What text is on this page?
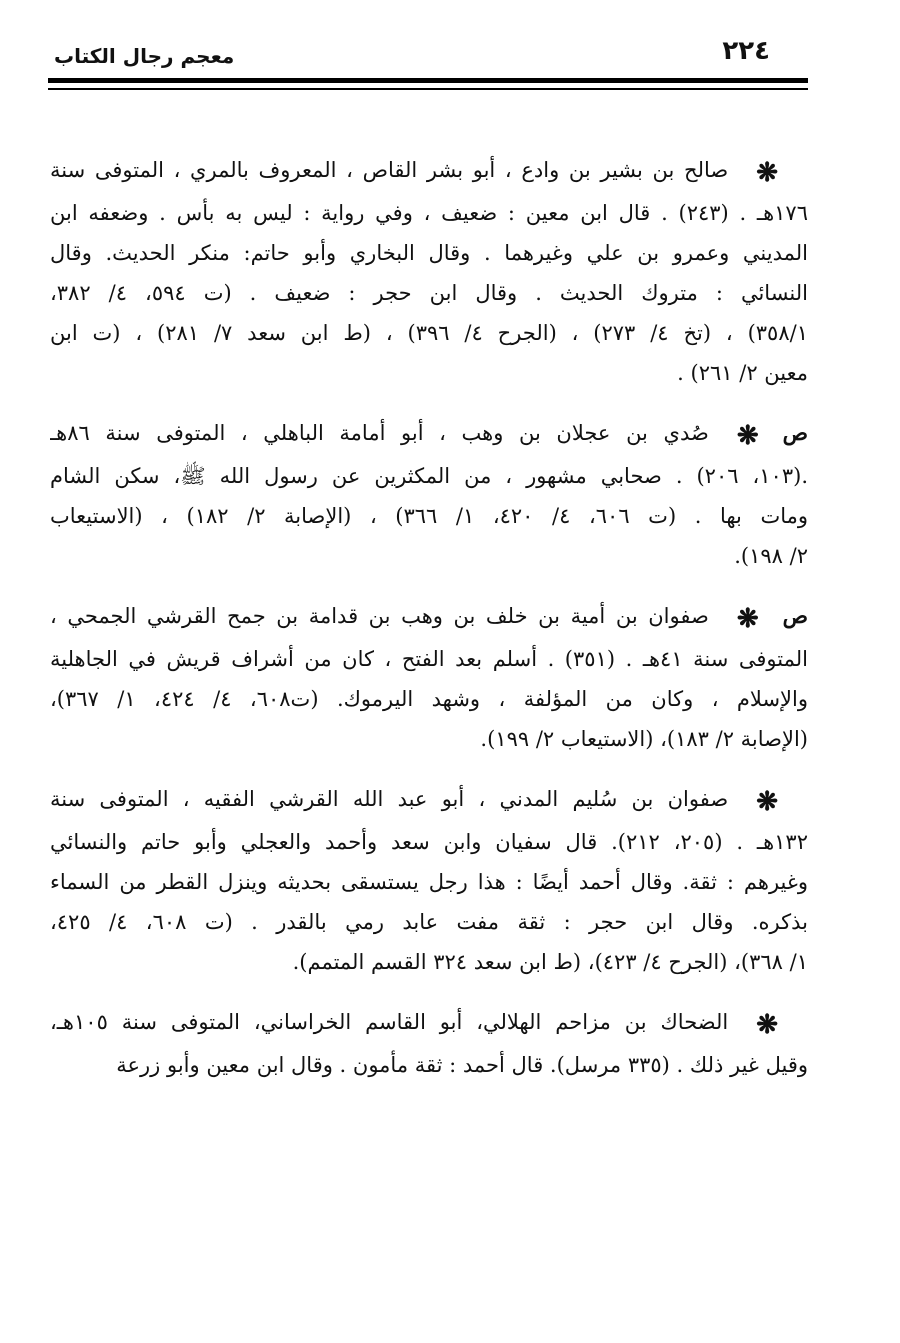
٢٢٤
معجم رجال الكتاب
❋صالح بن بشير بن وادع ، أبو بشر القاص ، المعروف بالمري ، المتوفى سنة
١٧٦هـ . (٢٤٣) . قال ابن معين : ضعيف ، وفي رواية : ليس به بأس . وضعفه ابن
المديني وعمرو بن علي وغيرهما . وقال البخاري وأبو حاتم: منكر الحديث. وقال
النسائي : متروك الحديث . وقال ابن حجر : ضعيف . (ت ٥٩٤، ٤/ ٣٨٢،
٣٥٨/١) ، (تخ ٤/ ٢٧٣) ، (الجرح ٤/ ٣٩٦) ، (ط ابن سعد ٧/ ٢٨١) ، (ت ابن
معين ٢/ ٢٦١) .
ص❋صُدي بن عجلان بن وهب ، أبو أمامة الباهلي ، المتوفى سنة ٨٦هـ
.(١٠٣، ٢٠٦) . صحابي مشهور ، من المكثرين عن رسول الله ﷺ، سكن الشام
ومات بها . (ت ٦٠٦، ٤/ ٤٢٠، ١/ ٣٦٦) ، (الإصابة ٢/ ١٨٢) ، (الاستيعاب
٢/ ١٩٨).
ص❋صفوان بن أمية بن خلف بن وهب بن قدامة بن جمح القرشي الجمحي ،
المتوفى سنة ٤١هـ . (٣٥١) . أسلم بعد الفتح ، كان من أشراف قريش في الجاهلية
والإسلام ، وكان من المؤلفة ، وشهد اليرموك. (ت٦٠٨، ٤/ ٤٢٤، ١/ ٣٦٧)،
(الإصابة ٢/ ١٨٣)، (الاستيعاب ٢/ ١٩٩).
❋صفوان بن سُليم المدني ، أبو عبد الله القرشي الفقيه ، المتوفى سنة
١٣٢هـ . (٢٠٥، ٢١٢). قال سفيان وابن سعد وأحمد والعجلي وأبو حاتم والنسائي
وغيرهم : ثقة. وقال أحمد أيضًا : هذا رجل يستسقى بحديثه وينزل القطر من السماء
بذكره. وقال ابن حجر : ثقة مفت عابد رمي بالقدر . (ت ٦٠٨، ٤/ ٤٢٥،
١/ ٣٦٨)، (الجرح ٤/ ٤٢٣)، (ط ابن سعد ٣٢٤ القسم المتمم).
❋الضحاك بن مزاحم الهلالي، أبو القاسم الخراساني، المتوفى سنة ١٠٥هـ،
وقيل غير ذلك . (٣٣٥ مرسل). قال أحمد : ثقة مأمون . وقال ابن معين وأبو زرعة
